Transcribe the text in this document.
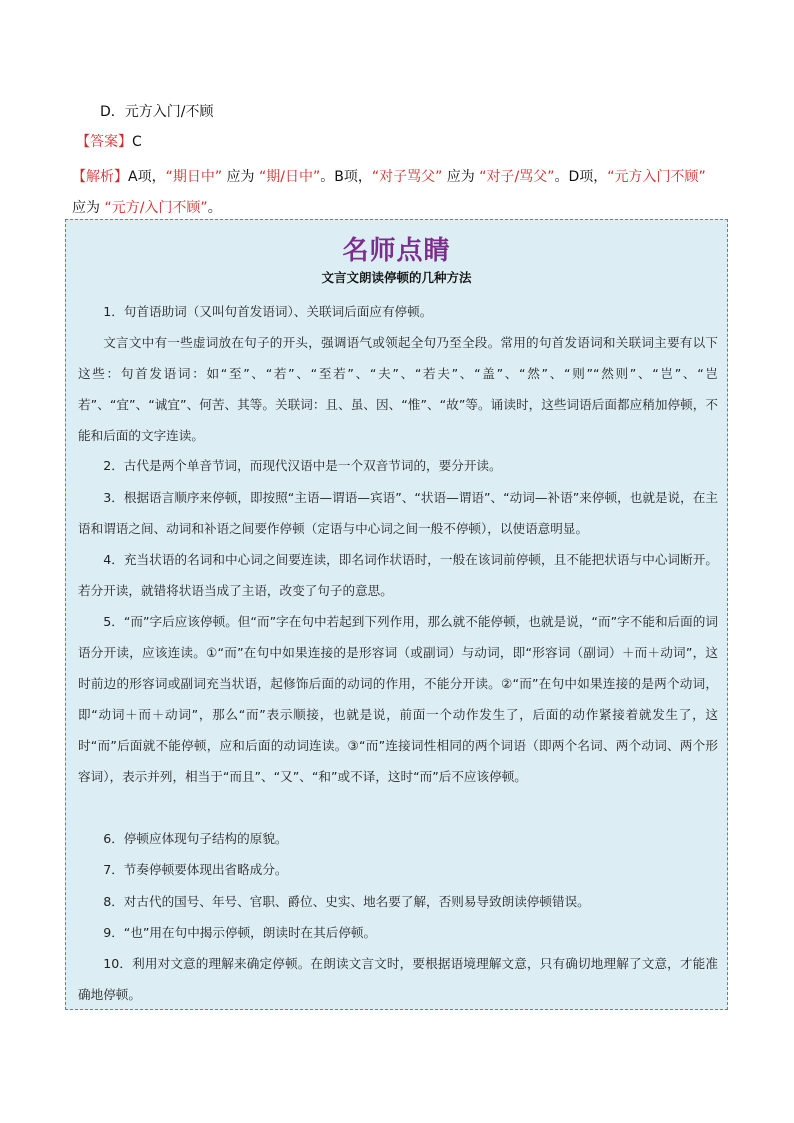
D．元方入门/不顾
【答案】C
【解析】A项，“期日中” 应为 “期/日中”。B项，“对子骂父” 应为 “对子/骂父”。D项，“元方入门不顾”
应为 “元方/入门不顾”。
名师点睛
文言文朗读停顿的几种方法
1．句首语助词（又叫句首发语词）、关联词后面应有停顿。
文言文中有一些虚词放在句子的开头，强调语气或领起全句乃至全段。常用的句首发语词和关联词主要有以下这些：句首发语词：如“至”、“若”、“至若”、“夫”、“若夫”、“盖”、“然”、“则”“然则”、“岂”、“岂若”、“宜”、“诚宜”、何苦、其等。关联词：且、虽、因、“惟”、“故”等。诵读时，这些词语后面都应稍加停顿，不能和后面的文字连读。
2．古代是两个单音节词，而现代汉语中是一个双音节词的，要分开读。
3．根据语言顺序来停顿，即按照“主语—谓语—宾语”、“状语—谓语”、“动词—补语”来停顿，也就是说，在主语和谓语之间、动词和补语之间要作停顿（定语与中心词之间一般不停顿），以使语意明显。
4．充当状语的名词和中心词之间要连读，即名词作状语时，一般在该词前停顿，且不能把状语与中心词断开。若分开读，就错将状语当成了主语，改变了句子的意思。
5．“而”字后应该停顿。但“而”字在句中若起到下列作用，那么就不能停顿，也就是说，“而”字不能和后面的词语分开读，应该连读。①“而”在句中如果连接的是形容词（或副词）与动词，即“形容词（副词）＋而＋动词”，这时前边的形容词或副词充当状语，起修饰后面的动词的作用，不能分开读。②“而”在句中如果连接的是两个动词，即“动词＋而＋动词”，那么“而”表示顺接，也就是说，前面一个动作发生了，后面的动作紧接着就发生了，这时“而”后面就不能停顿，应和后面的动词连读。③“而”连接词性相同的两个词语（即两个名词、两个动词、两个形容词），表示并列，相当于“而且”、“又”、“和”或不译，这时“而”后不应该停顿。
6．停顿应体现句子结构的原貌。
7．节奏停顿要体现出省略成分。
8．对古代的国号、年号、官职、爵位、史实、地名要了解，否则易导致朗读停顿错误。
9．“也”用在句中揭示停顿，朗读时在其后停顿。
10．利用对文意的理解来确定停顿。在朗读文言文时，要根据语境理解文意，只有确切地理解了文意，才能准确地停顿。
